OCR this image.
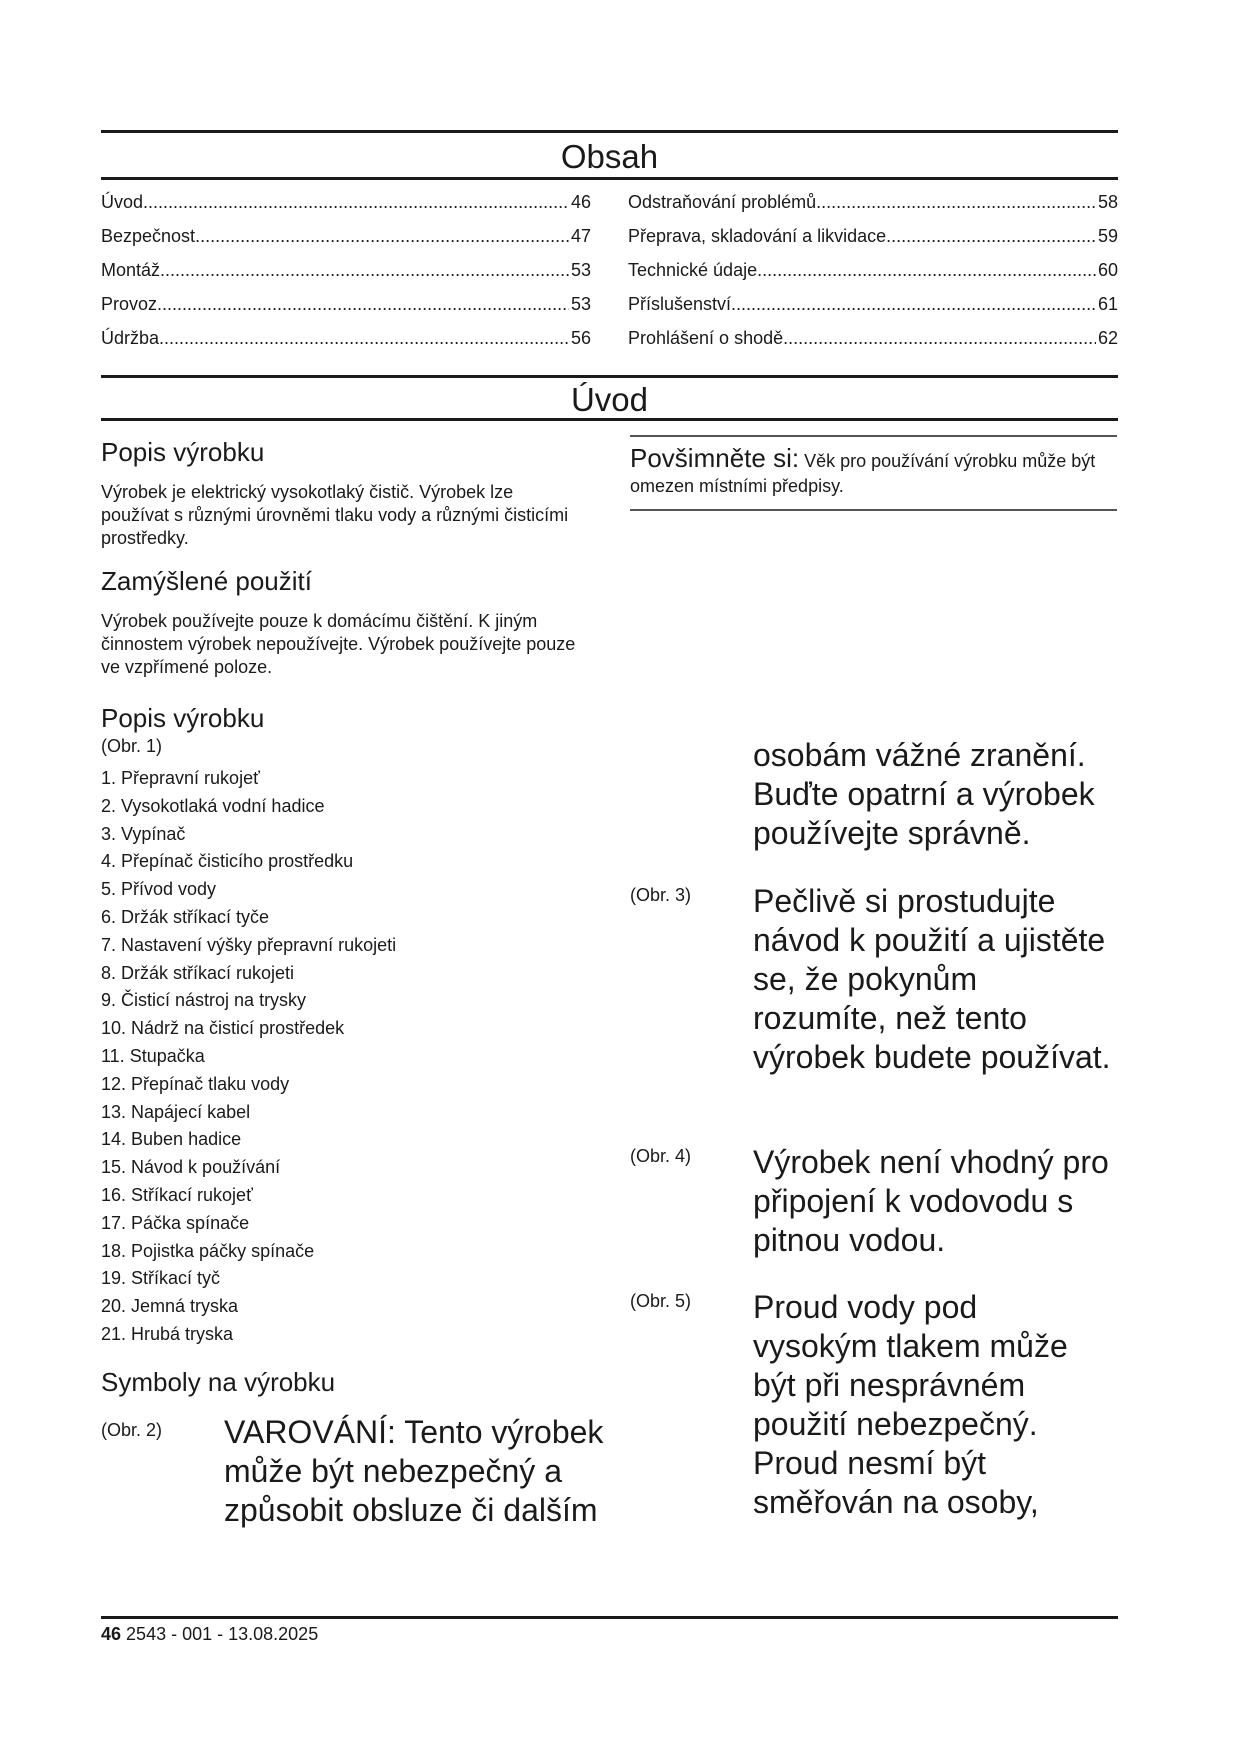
Obsah
Úvod .....	46
Bezpečnost .....	47
Montáž .....	53
Provoz .....	53
Údržba .....	56
Odstraňování problémů .....	58
Přeprava, skladování a likvidace .....	59
Technické údaje .....	60
Příslušenství .....	61
Prohlášení o shodě .....	62
Úvod
Popis výrobku
Výrobek je elektrický vysokotlaký čistič. Výrobek lze používat s různými úrovněmi tlaku vody a různými čisticími prostředky.
Zamýšlené použití
Výrobek používejte pouze k domácímu čištění. K jiným činnostem výrobek nepoužívejte. Výrobek používejte pouze ve vzpřímené poloze.
Povšimněte si: Věk pro používání výrobku může být omezen místními předpisy.
Popis výrobku
(Obr. 1)
1. Přepravní rukojeť
2. Vysokotlaká vodní hadice
3. Vypínač
4. Přepínač čisticího prostředku
5. Přívod vody
6. Držák stříkací tyče
7. Nastavení výšky přepravní rukojeti
8. Držák stříkací rukojeti
9. Čisticí nástroj na trysky
10. Nádrž na čisticí prostředek
11. Stupačka
12. Přepínač tlaku vody
13. Napájecí kabel
14. Buben hadice
15. Návod k používání
16. Stříkací rukojeť
17. Páčka spínače
18. Pojistka páčky spínače
19. Stříkací tyč
20. Jemná tryska
21. Hrubá tryska
Symboly na výrobku
(Obr. 2) VAROVÁNÍ: Tento výrobek může být nebezpečný a způsobit obsluze či dalším
osobám vážné zranění. Buďte opatrní a výrobek používejte správně.
(Obr. 3) Pečlivě si prostudujte návod k použití a ujistěte se, že pokynům rozumíte, než tento výrobek budete používat.
(Obr. 4) Výrobek není vhodný pro připojení k vodovodu s pitnou vodou.
(Obr. 5) Proud vody pod vysokým tlakem může být při nesprávném použití nebezpečný. Proud nesmí být směřován na osoby,
46 2543 - 001 - 13.08.2025
